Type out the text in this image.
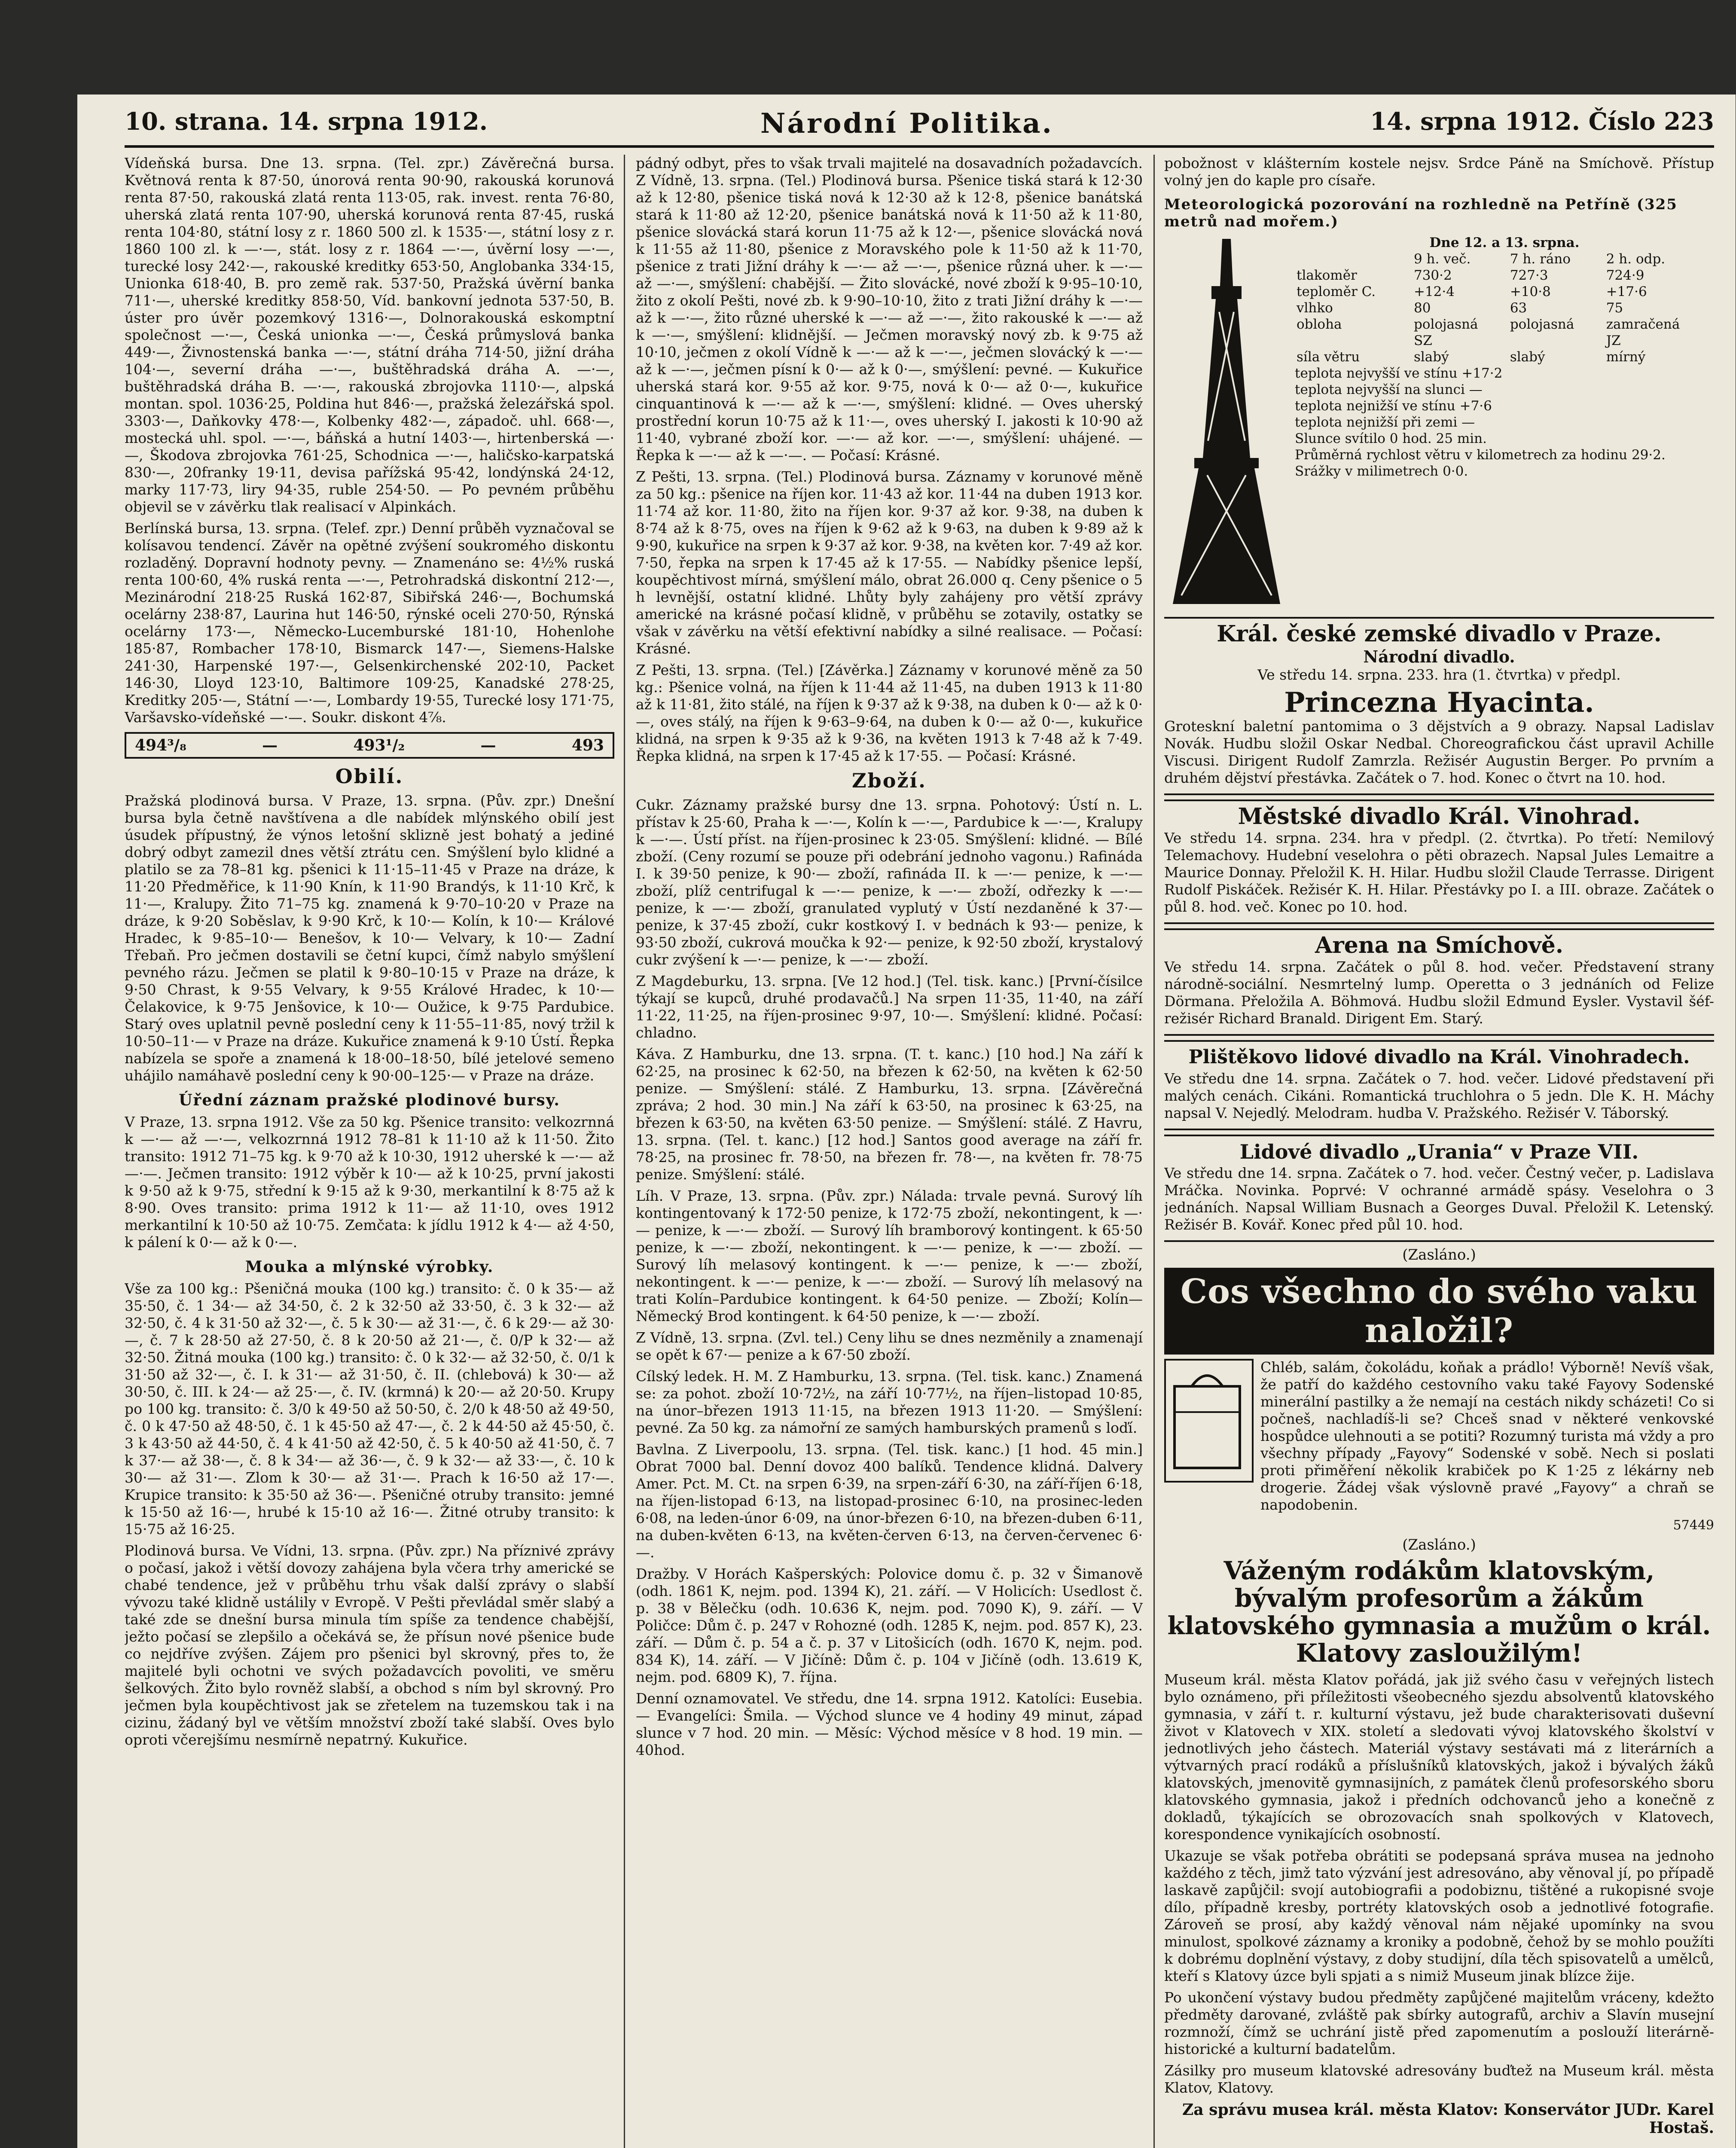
10. strana. 14. srpna 1912.	Národní Politika.	14. srpna 1912. Číslo 223

Vídeňská bursa. Dne 13. srpna. (Tel. zpr.) Závěrečná bursa. Květnová renta k 87·50, únorová renta 90·90, rakouská korunová renta 87·50, rakouská zlatá renta 113·05, rak. invest. renta 76·80, uherská zlatá renta 107·90, uherská korunová renta 87·45, ruská renta 104·80, státní losy z r. 1860 500 zl. k 1535·—, státní losy z r. 1860 100 zl. k —·—, stát. losy z r. 1864 —·—, úvěrní losy —·—, turecké losy 242·—, rakouské kreditky 653·50, Anglobanka 334·15, Unionka 618·40, B. pro země rak. 537·50, Pražská úvěrní banka 711·—, uherské kreditky 858·50, Víd. bankovní jednota 537·50, B. úster pro úvěr pozemkový 1316·—, Dolnorakouská eskomptní společnost —·—, Česká unionka —·—, Česká průmyslová banka 449·—, Živnostenská banka —·—, státní dráha 714·50, jižní dráha 104·—, severní dráha —·—, buštěhradská dráha A. —·—, buštěhradská dráha B. —·—, rakouská zbrojovka 1110·—, alpská montan. spol. 1036·25, Poldina hut 846·—, pražská železářská spol. 3303·—, Daňkovky 478·—, Kolbenky 482·—, západoč. uhl. 668·—, mostecká uhl. spol. —·—, báňská a hutní 1403·—, hirtenberská —·—, Škodova zbrojovka 761·25, Schodnica —·—, haličsko-karpatská 830·—, 20franky 19·11, devisa pařížská 95·42, londýnská 24·12, marky 117·73, liry 94·35, ruble 254·50. — Po pevném průběhu objevil se v závěrku tlak realisací v Alpinkách.

Berlínská bursa, 13. srpna. (Telef. zpr.) Denní průběh vyznačoval se kolísavou tendencí. Závěr na opětné zvýšení soukromého diskontu rozladěný. Dopravní hodnoty pevny. — Znamenáno se: 4½% ruská renta 100·60, 4% ruská renta —·—, Petrohradská diskontní 212·—, Mezinárodní 218·25 Ruská 162·87, Sibiřská 246·—, Bochumská ocelárny 238·87, Laurina hut 146·50, rýnské oceli 270·50, Rýnská ocelárny 173·—, Německo-Lucemburské 181·10, Hohenlohe 185·87, Rombacher 178·10, Bismarck 147·—, Siemens-Halske 241·30, Harpenské 197·—, Gelsenkirchenské 202·10, Packet 146·30, Lloyd 123·10, Baltimore 109·25, Kanadské 278·25, Kreditky 205·—, Státní —·—, Lombardy 19·55, Turecké losy 171·75, Varšavsko-vídeňské —·—. Soukr. diskont 4⅞.

494³/₈	—	493¹/₂	—	493
Obilí.

Pražská plodinová bursa. V Praze, 13. srpna. (Pův. zpr.) Dnešní bursa byla četně navštívena a dle nabídek mlýnského obilí jest úsudek přípustný, že výnos letošní sklizně jest bohatý a jediné dobrý odbyt zamezil dnes větší ztrátu cen. Smýšlení bylo klidné a platilo se za 78–81 kg. pšenici k 11·15–11·45 v Praze na dráze, k 11·20 Předměřice, k 11·90 Knín, k 11·90 Brandýs, k 11·10 Krč, k 11·—, Kralupy. Žito 71–75 kg. znamená k 9·70–10·20 v Praze na dráze, k 9·20 Soběslav, k 9·90 Krč, k 10·— Kolín, k 10·— Králové Hradec, k 9·85–10·— Benešov, k 10·— Velvary, k 10·— Zadní Třebaň. Pro ječmen dostavili se četní kupci, čímž nabylo smýšlení pevného rázu. Ječmen se platil k 9·80–10·15 v Praze na dráze, k 9·50 Chrast, k 9·55 Velvary, k 9·55 Králové Hradec, k 10·— Čelakovice, k 9·75 Jenšovice, k 10·— Oužice, k 9·75 Pardubice. Starý oves uplatnil pevně poslední ceny k 11·55–11·85, nový tržil k 10·50–11·— v Praze na dráze. Kukuřice znamená k 9·10 Ústí. Řepka nabízela se spoře a znamená k 18·00–18·50, bílé jetelové semeno uhájilo namáhavě poslední ceny k 90·00–125·— v Praze na dráze.

Úřední záznam pražské plodinové bursy.

V Praze, 13. srpna 1912. Vše za 50 kg. Pšenice transito: velkozrnná k —·— až —·—, velkozrnná 1912 78–81 k 11·10 až k 11·50. Žito transito: 1912 71–75 kg. k 9·70 až k 10·30, 1912 uherské k —·— až —·—. Ječmen transito: 1912 výběr k 10·— až k 10·25, první jakosti k 9·50 až k 9·75, střední k 9·15 až k 9·30, merkantilní k 8·75 až k 8·90. Oves transito: prima 1912 k 11·— až 11·10, oves 1912 merkantilní k 10·50 až 10·75. Zemčata: k jídlu 1912 k 4·— až 4·50, k pálení k 0·— až k 0·—.

Mouka a mlýnské výrobky.

Vše za 100 kg.: Pšeničná mouka (100 kg.) transito: č. 0 k 35·— až 35·50, č. 1 34·— až 34·50, č. 2 k 32·50 až 33·50, č. 3 k 32·— až 32·50, č. 4 k 31·50 až 32·—, č. 5 k 30·— až 31·—, č. 6 k 29·— až 30·—, č. 7 k 28·50 až 27·50, č. 8 k 20·50 až 21·—, č. 0/P k 32·— až 32·50. Žitná mouka (100 kg.) transito: č. 0 k 32·— až 32·50, č. 0/1 k 31·50 až 32·—, č. I. k 31·— až 31·50, č. II. (chlebová) k 30·— až 30·50, č. III. k 24·— až 25·—, č. IV. (krmná) k 20·— až 20·50. Krupy po 100 kg. transito: č. 3/0 k 49·50 až 50·50, č. 2/0 k 48·50 až 49·50, č. 0 k 47·50 až 48·50, č. 1 k 45·50 až 47·—, č. 2 k 44·50 až 45·50, č. 3 k 43·50 až 44·50, č. 4 k 41·50 až 42·50, č. 5 k 40·50 až 41·50, č. 7 k 37·— až 38·—, č. 8 k 34·— až 36·—, č. 9 k 32·— až 33·—, č. 10 k 30·— až 31·—. Zlom k 30·— až 31·—. Prach k 16·50 až 17·—. Krupice transito: k 35·50 až 36·—. Pšeničné otruby transito: jemné k 15·50 až 16·—, hrubé k 15·10 až 16·—. Žitné otruby transito: k 15·75 až 16·25.

Plodinová bursa. Ve Vídni, 13. srpna. (Pův. zpr.) Na příznivé zprávy o počasí, jakož i větší dovozy zahájena byla včera trhy americké se chabé tendence, jež v průběhu trhu však další zprávy o slabší vývozu také klidně ustálily v Evropě. V Pešti převládal směr slabý a také zde se dnešní bursa minula tím spíše za tendence chabější, ježto počasí se zlepšilo a očekává se, že přísun nové pšenice bude co nejdříve zvýšen. Zájem pro pšenici byl skrovný, přes to, že majitelé byli ochotni ve svých požadavcích povoliti, ve směru šelkových. Žito bylo rovněž slabší, a obchod s ním byl skrovný. Pro ječmen byla koupěchtivost jak se zřetelem na tuzemskou tak i na cizinu, žádaný byl ve větším množství zboží také slabší. Oves bylo oproti včerejšímu nesmírně nepatrný. Kukuřice.

pádný odbyt, přes to však trvali majitelé na dosavadních požadavcích. Z Vídně, 13. srpna. (Tel.) Plodinová bursa. Pšenice tiská stará k 12·30 až k 12·80, pšenice tiská nová k 12·30 až k 12·8, pšenice banátská stará k 11·80 až 12·20, pšenice banátská nová k 11·50 až k 11·80, pšenice slovácká stará korun 11·75 až k 12·—, pšenice slovácká nová k 11·55 až 11·80, pšenice z Moravského pole k 11·50 až k 11·70, pšenice z trati Jižní dráhy k —·— až —·—, pšenice různá uher. k —·— až —·—, smýšlení: chabější. — Žito slovácké, nové zboží k 9·95–10·10, žito z okolí Pešti, nové zb. k 9·90–10·10, žito z trati Jižní dráhy k —·— až k —·—, žito různé uherské k —·— až —·—, žito rakouské k —·— až k —·—, smýšlení: klidnější. — Ječmen moravský nový zb. k 9·75 až 10·10, ječmen z okolí Vídně k —·— až k —·—, ječmen slovácký k —·— až k —·—, ječmen písní k 0·— až k 0·—, smýšlení: pevné. — Kukuřice uherská stará kor. 9·55 až kor. 9·75, nová k 0·— až 0·—, kukuřice cinquantinová k —·— až k —·—, smýšlení: klidné. — Oves uherský prostřední korun 10·75 až k 11·—, oves uherský I. jakosti k 10·90 až 11·40, vybrané zboží kor. —·— až kor. —·—, smýšlení: uhájené. — Řepka k —·— až k —·—. — Počasí: Krásné.

Z Pešti, 13. srpna. (Tel.) Plodinová bursa. Záznamy v korunové měně za 50 kg.: pšenice na říjen kor. 11·43 až kor. 11·44 na duben 1913 kor. 11·74 až kor. 11·80, žito na říjen kor. 9·37 až kor. 9·38, na duben k 8·74 až k 8·75, oves na říjen k 9·62 až k 9·63, na duben k 9·89 až k 9·90, kukuřice na srpen k 9·37 až kor. 9·38, na květen kor. 7·49 až kor. 7·50, řepka na srpen k 17·45 až k 17·55. — Nabídky pšenice lepší, koupěchtivost mírná, smýšlení málo, obrat 26.000 q. Ceny pšenice o 5 h levnější, ostatní klidné. Lhůty byly zahájeny pro větší zprávy americké na krásné počasí klidně, v průběhu se zotavily, ostatky se však v závěrku na větší efektivní nabídky a silné realisace. — Počasí: Krásné.

Z Pešti, 13. srpna. (Tel.) [Závěrka.] Záznamy v korunové měně za 50 kg.: Pšenice volná, na říjen k 11·44 až 11·45, na duben 1913 k 11·80 až k 11·81, žito stálé, na říjen k 9·37 až k 9·38, na duben k 0·— až k 0·—, oves stálý, na říjen k 9·63–9·64, na duben k 0·— až 0·—, kukuřice klidná, na srpen k 9·35 až k 9·36, na květen 1913 k 7·48 až k 7·49. Řepka klidná, na srpen k 17·45 až k 17·55. — Počasí: Krásné.

Zboží.

Cukr. Záznamy pražské bursy dne 13. srpna. Pohotový: Ústí n. L. přístav k 25·60, Praha k —·—, Kolín k —·—, Pardubice k —·—, Kralupy k —·—. Ústí příst. na říjen-prosinec k 23·05. Smýšlení: klidné. — Bílé zboží. (Ceny rozumí se pouze při odebrání jednoho vagonu.) Rafináda I. k 39·50 penize, k 90·— zboží, rafináda II. k —·— penize, k —·— zboží, plíž centrifugal k —·— penize, k —·— zboží, odřezky k —·— penize, k —·— zboží, granulated vyplutý v Ústí nezdaněné k 37·— penize, k 37·45 zboží, cukr kostkový I. v bednách k 93·— penize, k 93·50 zboží, cukrová moučka k 92·— penize, k 92·50 zboží, krystalový cukr zvýšení k —·— penize, k —·— zboží.

Z Magdeburku, 13. srpna. [Ve 12 hod.] (Tel. tisk. kanc.) [První-čísilce týkají se kupců, druhé prodavačů.] Na srpen 11·35, 11·40, na září 11·22, 11·25, na říjen-prosinec 9·97, 10·—. Smýšlení: klidné. Počasí: chladno.

Káva. Z Hamburku, dne 13. srpna. (T. t. kanc.) [10 hod.] Na září k 62·25, na prosinec k 62·50, na březen k 62·50, na květen k 62·50 penize. — Smýšlení: stálé. Z Hamburku, 13. srpna. [Závěrečná zpráva; 2 hod. 30 min.] Na září k 63·50, na prosinec k 63·25, na březen k 63·50, na květen 63·50 penize. — Smýšlení: stálé. Z Havru, 13. srpna. (Tel. t. kanc.) [12 hod.] Santos good average na září fr. 78·25, na prosinec fr. 78·50, na březen fr. 78·—, na květen fr. 78·75 penize. Smýšlení: stálé.

Líh. V Praze, 13. srpna. (Pův. zpr.) Nálada: trvale pevná. Surový líh kontingentovaný k 172·50 penize, k 172·75 zboží, nekontingent, k —·— penize, k —·— zboží. — Surový líh bramborový kontingent. k 65·50 penize, k —·— zboží, nekontingent. k —·— penize, k —·— zboží. — Surový líh melasový kontingent. k —·— penize, k —·— zboží, nekontingent. k —·— penize, k —·— zboží. — Surový líh melasový na trati Kolín–Pardubice kontingent. k 64·50 penize. — Zboží; Kolín—Německý Brod kontingent. k 64·50 penize, k —·— zboží.

Z Vídně, 13. srpna. (Zvl. tel.) Ceny lihu se dnes nezměnily a znamenají se opět k 67·— penize a k 67·50 zboží.

Cílský ledek. H. M. Z Hamburku, 13. srpna. (Tel. tisk. kanc.) Znamená se: za pohot. zboží 10·72½, na září 10·77½, na říjen–listopad 10·85, na únor–březen 1913 11·15, na březen 1913 11·20. — Smýšlení: pevné. Za 50 kg. za námořní ze samých hamburských pramenů s loďí.

Bavlna. Z Liverpoolu, 13. srpna. (Tel. tisk. kanc.) [1 hod. 45 min.] Obrat 7000 bal. Denní dovoz 400 balíků. Tendence klidná. Dalvery Amer. Pct. M. Ct. na srpen 6·39, na srpen-září 6·30, na září-říjen 6·18, na říjen-listopad 6·13, na listopad-prosinec 6·10, na prosinec-leden 6·08, na leden-únor 6·09, na únor-březen 6·10, na březen-duben 6·11, na duben-květen 6·13, na květen-červen 6·13, na červen-červenec 6·—.

Dražby. V Horách Kašperských: Polovice domu č. p. 32 v Šimanově (odh. 1861 K, nejm. pod. 1394 K), 21. září. — V Holicích: Usedlost č. p. 38 v Bělečku (odh. 10.636 K, nejm. pod. 7090 K), 9. září. — V Poličce: Dům č. p. 247 v Rohozné (odh. 1285 K, nejm. pod. 857 K), 23. září. — Dům č. p. 54 a č. p. 37 v Litošicích (odh. 1670 K, nejm. pod. 834 K), 14. září. — V Jičíně: Dům č. p. 104 v Jičíně (odh. 13.619 K, nejm. pod. 6809 K), 7. října.

Denní oznamovatel. Ve středu, dne 14. srpna 1912. Katolíci: Eusebia. — Evangelíci: Šmila. — Východ slunce ve 4 hodiny 49 minut, západ slunce v 7 hod. 20 min. — Měsíc: Východ měsíce v 8 hod. 19 min. — 40hod.

pobožnost v klášterním kostele nejsv. Srdce Páně na Smíchově. Přístup volný jen do kaple pro císaře.

Meteorologická pozorování na rozhledně na Petříně (325 metrů nad mořem.)
Dne 12. a 13. srpna.
	9 h. več.	7 h. ráno	2 h. odp.
tlakoměr	730·2	727·3	724·9
teploměr C.	+12·4	+10·8	+17·6
vlhko	80	63	75
obloha	polojasná	polojasná	zamračená
	SZ		JZ
síla větru	slabý	slabý	mírný
teplota nejvyšší ve stínu +17·2
teplota nejvyšší na slunci —
teplota nejnižší ve stínu +7·6
teplota nejnižší při zemi —
Slunce svítilo 0 hod. 25 min.
Průměrná rychlost větru v kilometrech za hodinu 29·2.
Srážky v milimetrech 0·0.
Král. české zemské divadlo v Praze.
Národní divadlo.

Ve středu 14. srpna. 233. hra (1. čtvrtka) v předpl.

Princezna Hyacinta.

Groteskní baletní pantomima o 3 dějstvích a 9 obrazy. Napsal Ladislav Novák. Hudbu složil Oskar Nedbal. Choreografickou část upravil Achille Viscusi. Dirigent Rudolf Zamrzla. Režisér Augustin Berger. Po prvním a druhém dějství přestávka. Začátek o 7. hod. Konec o čtvrt na 10. hod.

Městské divadlo Král. Vinohrad.

Ve středu 14. srpna. 234. hra v předpl. (2. čtvrtka). Po třetí: Nemilový Telemachovy. Hudební veselohra o pěti obrazech. Napsal Jules Lemaitre a Maurice Donnay. Přeložil K. H. Hilar. Hudbu složil Claude Terrasse. Dirigent Rudolf Piskáček. Režisér K. H. Hilar. Přestávky po I. a III. obraze. Začátek o půl 8. hod. več. Konec po 10. hod.

Arena na Smíchově.

Ve středu 14. srpna. Začátek o půl 8. hod. večer. Představení strany národně-sociální. Nesmrtelný lump. Operetta o 3 jednáních od Felize Dörmana. Přeložila A. Böhmová. Hudbu složil Edmund Eysler. Vystavil šéf-režisér Richard Branald. Dirigent Em. Starý.

Plištěkovo lidové divadlo na Král. Vinohradech.

Ve středu dne 14. srpna. Začátek o 7. hod. večer. Lidové představení při malých cenách. Cikáni. Romantická truchlohra o 5 jedn. Dle K. H. Máchy napsal V. Nejedlý. Melodram. hudba V. Pražského. Režisér V. Táborský.

Lidové divadlo „Urania“ v Praze VII.

Ve středu dne 14. srpna. Začátek o 7. hod. večer. Čestný večer, p. Ladislava Mráčka. Novinka. Poprvé: V ochranné armádě spásy. Veselohra o 3 jednáních. Napsal William Busnach a Georges Duval. Přeložil K. Letenský. Režisér B. Kovář. Konec před půl 10. hod.

(Zasláno.)
Cos všechno do svého vaku naložil?

Chléb, salám, čokoládu, koňak a prádlo! Výborně! Nevíš však, že patří do každého cestovního vaku také Fayovy Sodenské minerální pastilky a že nemají na cestách nikdy scházeti! Co si počneš, nachladíš-li se? Chceš snad v některé venkovské hospůdce ulehnouti a se potiti? Rozumný turista má vždy a pro všechny případy „Fayovy“ Sodenské v sobě. Nech si poslati proti přiměření několik krabiček po K 1·25 z lékárny neb drogerie. Žádej však výslovně pravé „Fayovy“ a chraň se napodobenin.

57449
(Zasláno.)
Váženým rodákům klatovským, bývalým profesorům a žákům klatovského gymnasia a mužům o král. Klatovy zasloužilým!

Museum král. města Klatov pořádá, jak již svého času v veřejných listech bylo oznámeno, při příležitosti všeobecného sjezdu absolventů klatovského gymnasia, v září t. r. kulturní výstavu, jež bude charakterisovati duševní život v Klatovech v XIX. století a sledovati vývoj klatovského školství v jednotlivých jeho částech. Materiál výstavy sestávati má z literárních a výtvarných prací rodáků a příslušníků klatovských, jakož i bývalých žáků klatovských, jmenovitě gymnasijních, z památek členů profesorského sboru klatovského gymnasia, jakož i předních odchovanců jeho a konečně z dokladů, týkajících se obrozovacích snah spolkových v Klatovech, korespondence vynikajících osobností.

Ukazuje se však potřeba obrátiti se podepsaná správa musea na jednoho každého z těch, jimž tato výzvání jest adresováno, aby věnoval jí, po případě laskavě zapůjčil: svojí autobiografii a podobiznu, tištěné a rukopisné svoje dílo, případně kresby, portréty klatovských osob a jednotlivé fotografie. Zároveň se prosí, aby každý věnoval nám nějaké upomínky na svou minulost, spolkové záznamy a kroniky a podobně, čehož by se mohlo použíti k dobrému doplnění výstavy, z doby studijní, díla těch spisovatelů a umělců, kteří s Klatovy úzce byli spjati a s nimiž Museum jinak blízce žije.

Po ukončení výstavy budou předměty zapůjčené majitelům vráceny, kdežto předměty darované, zvláště pak sbírky autografů, archiv a Slavín musejní rozmnoží, čímž se uchrání jistě před zapomenutím a poslouží literárně-historické a kulturní badatelům.

Zásilky pro museum klatovské adresovány buďtež na Museum král. města Klatov, Klatovy.

Za správu musea král. města Klatov: Konservátor JUDr. Karel Hostaš.
